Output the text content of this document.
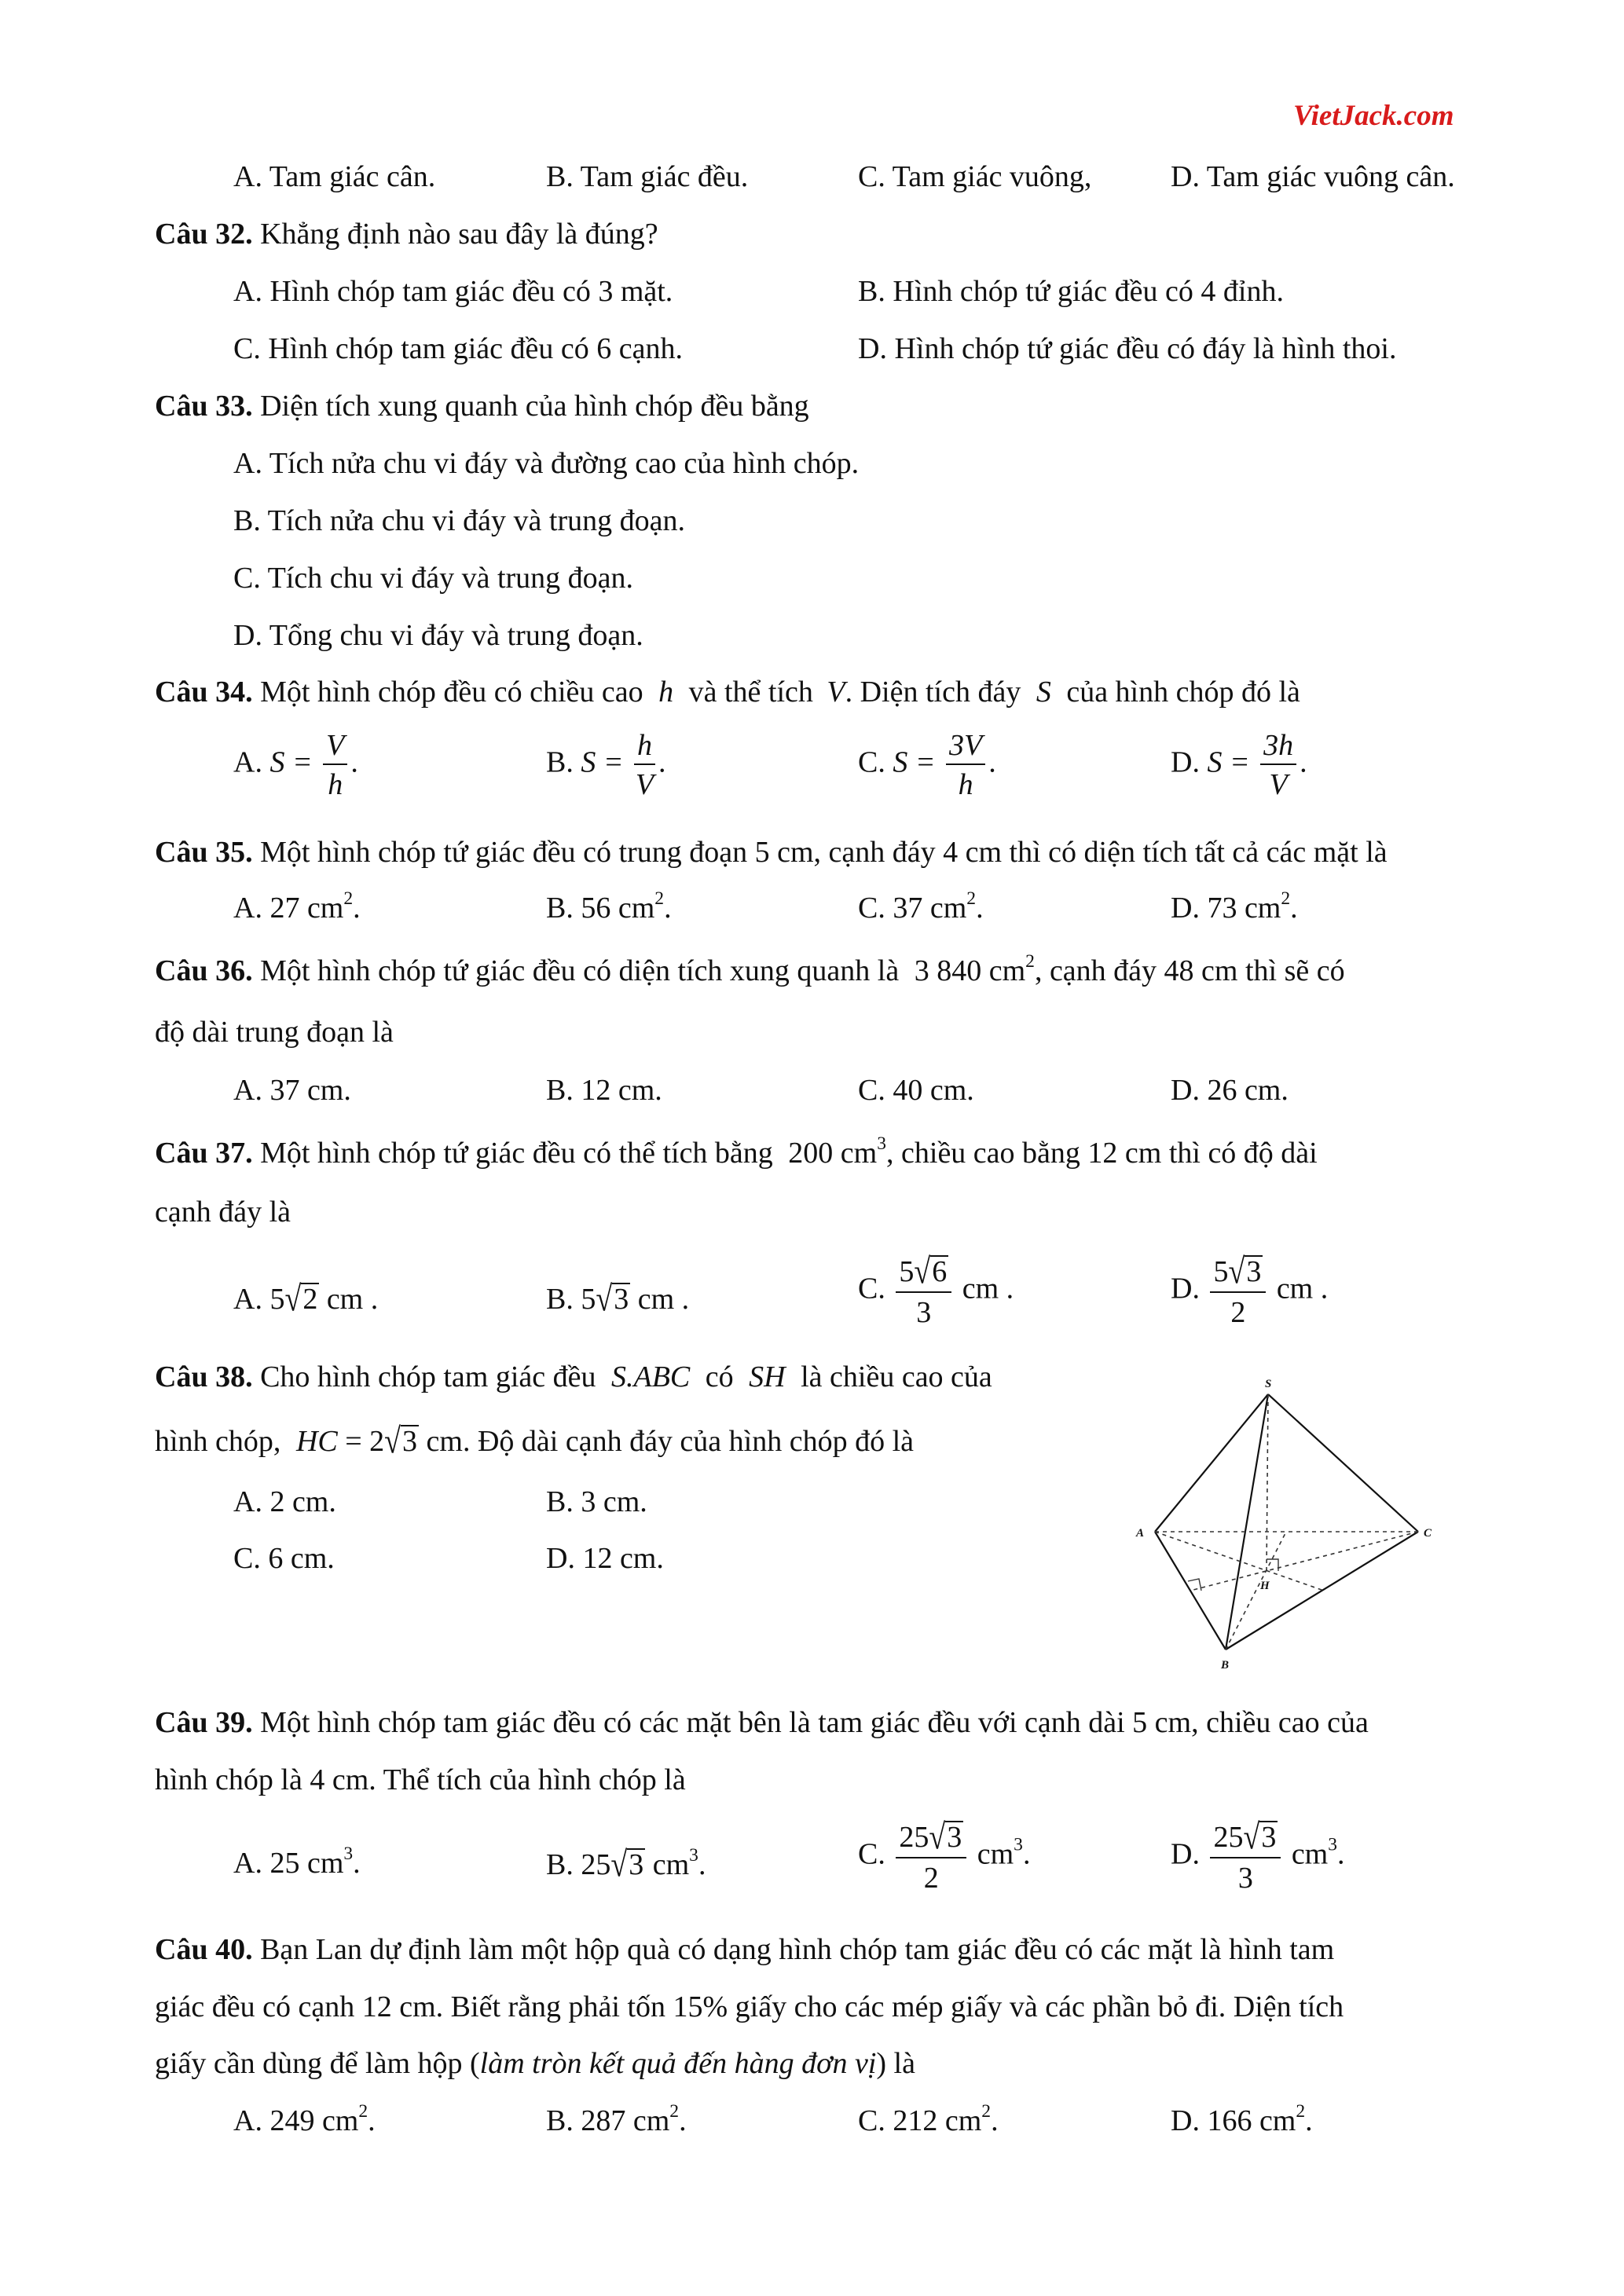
VietJack.com
A. Tam giác cân.	B. Tam giác đều.	C. Tam giác vuông,	D. Tam giác vuông cân.
Câu 32. Khẳng định nào sau đây là đúng?
A. Hình chóp tam giác đều có 3 mặt.	B. Hình chóp tứ giác đều có 4 đỉnh.
C. Hình chóp tam giác đều có 6 cạnh.	D. Hình chóp tứ giác đều có đáy là hình thoi.
Câu 33. Diện tích xung quanh của hình chóp đều bằng
A. Tích nửa chu vi đáy và đường cao của hình chóp.
B. Tích nửa chu vi đáy và trung đoạn.
C. Tích chu vi đáy và trung đoạn.
D. Tổng chu vi đáy và trung đoạn.
Câu 34. Một hình chóp đều có chiều cao h và thể tích V. Diện tích đáy S của hình chóp đó là
A. $S = \frac{V}{h}$ .	B. $S = \frac{h}{V}$ .	C. $S = \frac{3V}{h}$ .	D. $S = \frac{3h}{V}$ .
Câu 35. Một hình chóp tứ giác đều có trung đoạn 5 cm, cạnh đáy 4 cm thì có diện tích tất cả các mặt là
A. 27 $cm^2$.	B. 56 $cm^2$.	C. 37 $cm^2$.	D. 73 $cm^2$.
Câu 36. Một hình chóp tứ giác đều có diện tích xung quanh là 3 840 $cm^2$, cạnh đáy 48 cm thì sẽ có
độ dài trung đoạn là
A. 37 cm.	B. 12 cm.	C. 40 cm.	D. 26 cm.
Câu 37. Một hình chóp tứ giác đều có thể tích bằng 200 $cm^3$, chiều cao bằng 12 cm thì có độ dài
cạnh đáy là
A. 5√2 cm .	B. 5√3 cm .	C. $\frac{5√6}{3}$ cm .	D. $\frac{5√3}{2}$ cm .
Câu 38. Cho hình chóp tam giác đều S.ABC có SH là chiều cao của
hình chóp, HC = 2√3 cm. Độ dài cạnh đáy của hình chóp đó là
A. 2 cm.	B. 3 cm.
C. 6 cm.	D. 12 cm.
S
A
B
C
H
Câu 39. Một hình chóp tam giác đều có các mặt bên là tam giác đều với cạnh dài 5 cm, chiều cao của
hình chóp là 4 cm. Thể tích của hình chóp là
A. 25 $cm^3$.	B. 25√3 $cm^3$.	C. $\frac{25√3}{2} cm^3$.	D. $\frac{25√3}{3} cm^3$.
Câu 40. Bạn Lan dự định làm một hộp quà có dạng hình chóp tam giác đều có các mặt là hình tam
giác đều có cạnh 12 cm. Biết rằng phải tốn 15% giấy cho các mép giấy và các phần bỏ đi. Diện tích
giấy cần dùng để làm hộp (làm tròn kết quả đến hàng đơn vị) là
A. 249 $cm^2$.	B. 287 $cm^2$.	C. 212 $cm^2$.	D. 166 $cm^2$.
